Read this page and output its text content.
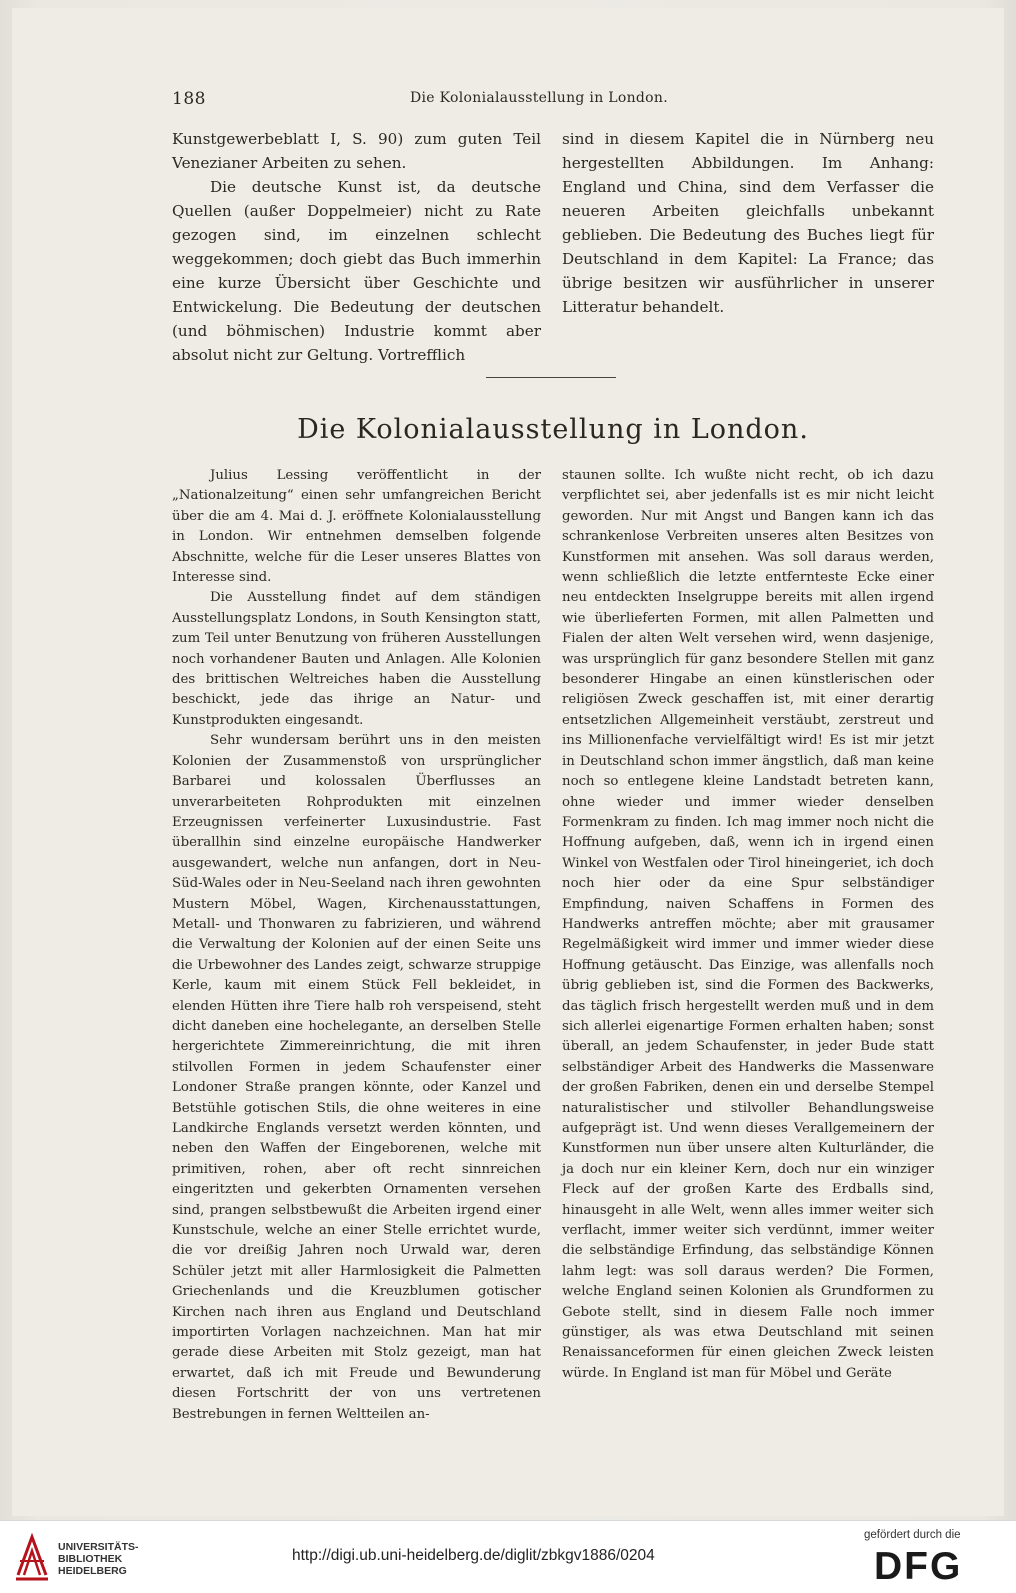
188	Die Kolonialausstellung in London.

Kunstgewerbeblatt I, S. 90) zum guten Teil Venezianer Arbeiten zu sehen.

Die deutsche Kunst ist, da deutsche Quellen (außer Doppelmeier) nicht zu Rate gezogen sind, im einzelnen schlecht weggekommen; doch giebt das Buch immerhin eine kurze Übersicht über Geschichte und Entwickelung. Die Bedeutung der deutschen (und böhmischen) Industrie kommt aber absolut nicht zur Geltung. Vortrefflich

sind in diesem Kapitel die in Nürnberg neu hergestellten Abbildungen. Im Anhang: England und China, sind dem Verfasser die neueren Arbeiten gleichfalls unbekannt geblieben. Die Bedeutung des Buches liegt für Deutschland in dem Kapitel: La France; das übrige besitzen wir ausführlicher in unserer Litteratur behandelt.

Die Kolonialausstellung in London.

Julius Lessing veröffentlicht in der „Nationalzeitung“ einen sehr umfangreichen Bericht über die am 4. Mai d. J. eröffnete Kolonialausstellung in London. Wir entnehmen demselben folgende Abschnitte, welche für die Leser unseres Blattes von Interesse sind.

Die Ausstellung findet auf dem ständigen Ausstellungsplatz Londons, in South Kensington statt, zum Teil unter Benutzung von früheren Ausstellungen noch vorhandener Bauten und Anlagen. Alle Kolonien des brittischen Weltreiches haben die Ausstellung beschickt, jede das ihrige an Natur- und Kunstprodukten eingesandt.

Sehr wundersam berührt uns in den meisten Kolonien der Zusammenstoß von ursprünglicher Barbarei und kolossalen Überflusses an unverarbeiteten Rohprodukten mit einzelnen Erzeugnissen verfeinerter Luxusindustrie. Fast überallhin sind einzelne europäische Handwerker ausgewandert, welche nun anfangen, dort in Neu-Süd-Wales oder in Neu-Seeland nach ihren gewohnten Mustern Möbel, Wagen, Kirchenausstattungen, Metall- und Thonwaren zu fabrizieren, und während die Verwaltung der Kolonien auf der einen Seite uns die Urbewohner des Landes zeigt, schwarze struppige Kerle, kaum mit einem Stück Fell bekleidet, in elenden Hütten ihre Tiere halb roh verspeisend, steht dicht daneben eine hochelegante, an derselben Stelle hergerichtete Zimmereinrichtung, die mit ihren stilvollen Formen in jedem Schaufenster einer Londoner Straße prangen könnte, oder Kanzel und Betstühle gotischen Stils, die ohne weiteres in eine Landkirche Englands versetzt werden könnten, und neben den Waffen der Eingeborenen, welche mit primitiven, rohen, aber oft recht sinnreichen eingeritzten und gekerbten Ornamenten versehen sind, prangen selbstbewußt die Arbeiten irgend einer Kunstschule, welche an einer Stelle errichtet wurde, die vor dreißig Jahren noch Urwald war, deren Schüler jetzt mit aller Harmlosigkeit die Palmetten Griechenlands und die Kreuzblumen gotischer Kirchen nach ihren aus England und Deutschland importirten Vorlagen nachzeichnen. Man hat mir gerade diese Arbeiten mit Stolz gezeigt, man hat erwartet, daß ich mit Freude und Bewunderung diesen Fortschritt der von uns vertretenen Bestrebungen in fernen Weltteilen an-

staunen sollte. Ich wußte nicht recht, ob ich dazu verpflichtet sei, aber jedenfalls ist es mir nicht leicht geworden. Nur mit Angst und Bangen kann ich das schrankenlose Verbreiten unseres alten Besitzes von Kunstformen mit ansehen. Was soll daraus werden, wenn schließlich die letzte entfernteste Ecke einer neu entdeckten Inselgruppe bereits mit allen irgend wie überlieferten Formen, mit allen Palmetten und Fialen der alten Welt versehen wird, wenn dasjenige, was ursprünglich für ganz besondere Stellen mit ganz besonderer Hingabe an einen künstlerischen oder religiösen Zweck geschaffen ist, mit einer derartig entsetzlichen Allgemeinheit verstäubt, zerstreut und ins Millionenfache vervielfältigt wird! Es ist mir jetzt in Deutschland schon immer ängstlich, daß man keine noch so entlegene kleine Landstadt betreten kann, ohne wieder und immer wieder denselben Formenkram zu finden. Ich mag immer noch nicht die Hoffnung aufgeben, daß, wenn ich in irgend einen Winkel von Westfalen oder Tirol hineingeriet, ich doch noch hier oder da eine Spur selbständiger Empfindung, naiven Schaffens in Formen des Handwerks antreffen möchte; aber mit grausamer Regelmäßigkeit wird immer und immer wieder diese Hoffnung getäuscht. Das Einzige, was allenfalls noch übrig geblieben ist, sind die Formen des Backwerks, das täglich frisch hergestellt werden muß und in dem sich allerlei eigenartige Formen erhalten haben; sonst überall, an jedem Schaufenster, in jeder Bude statt selbständiger Arbeit des Handwerks die Massenware der großen Fabriken, denen ein und derselbe Stempel naturalistischer und stilvoller Behandlungsweise aufgeprägt ist. Und wenn dieses Verallgemeinern der Kunstformen nun über unsere alten Kulturländer, die ja doch nur ein kleiner Kern, doch nur ein winziger Fleck auf der großen Karte des Erdballs sind, hinausgeht in alle Welt, wenn alles immer weiter sich verflacht, immer weiter sich verdünnt, immer weiter die selbständige Erfindung, das selbständige Können lahm legt: was soll daraus werden? Die Formen, welche England seinen Kolonien als Grundformen zu Gebote stellt, sind in diesem Falle noch immer günstiger, als was etwa Deutschland mit seinen Renaissanceformen für einen gleichen Zweck leisten würde. In England ist man für Möbel und Geräte

UNIVERSITÄTS-
BIBLIOTHEK
HEIDELBERG
http://digi.ub.uni-heidelberg.de/diglit/zbkgv1886/0204
gefördert durch die
DFG
